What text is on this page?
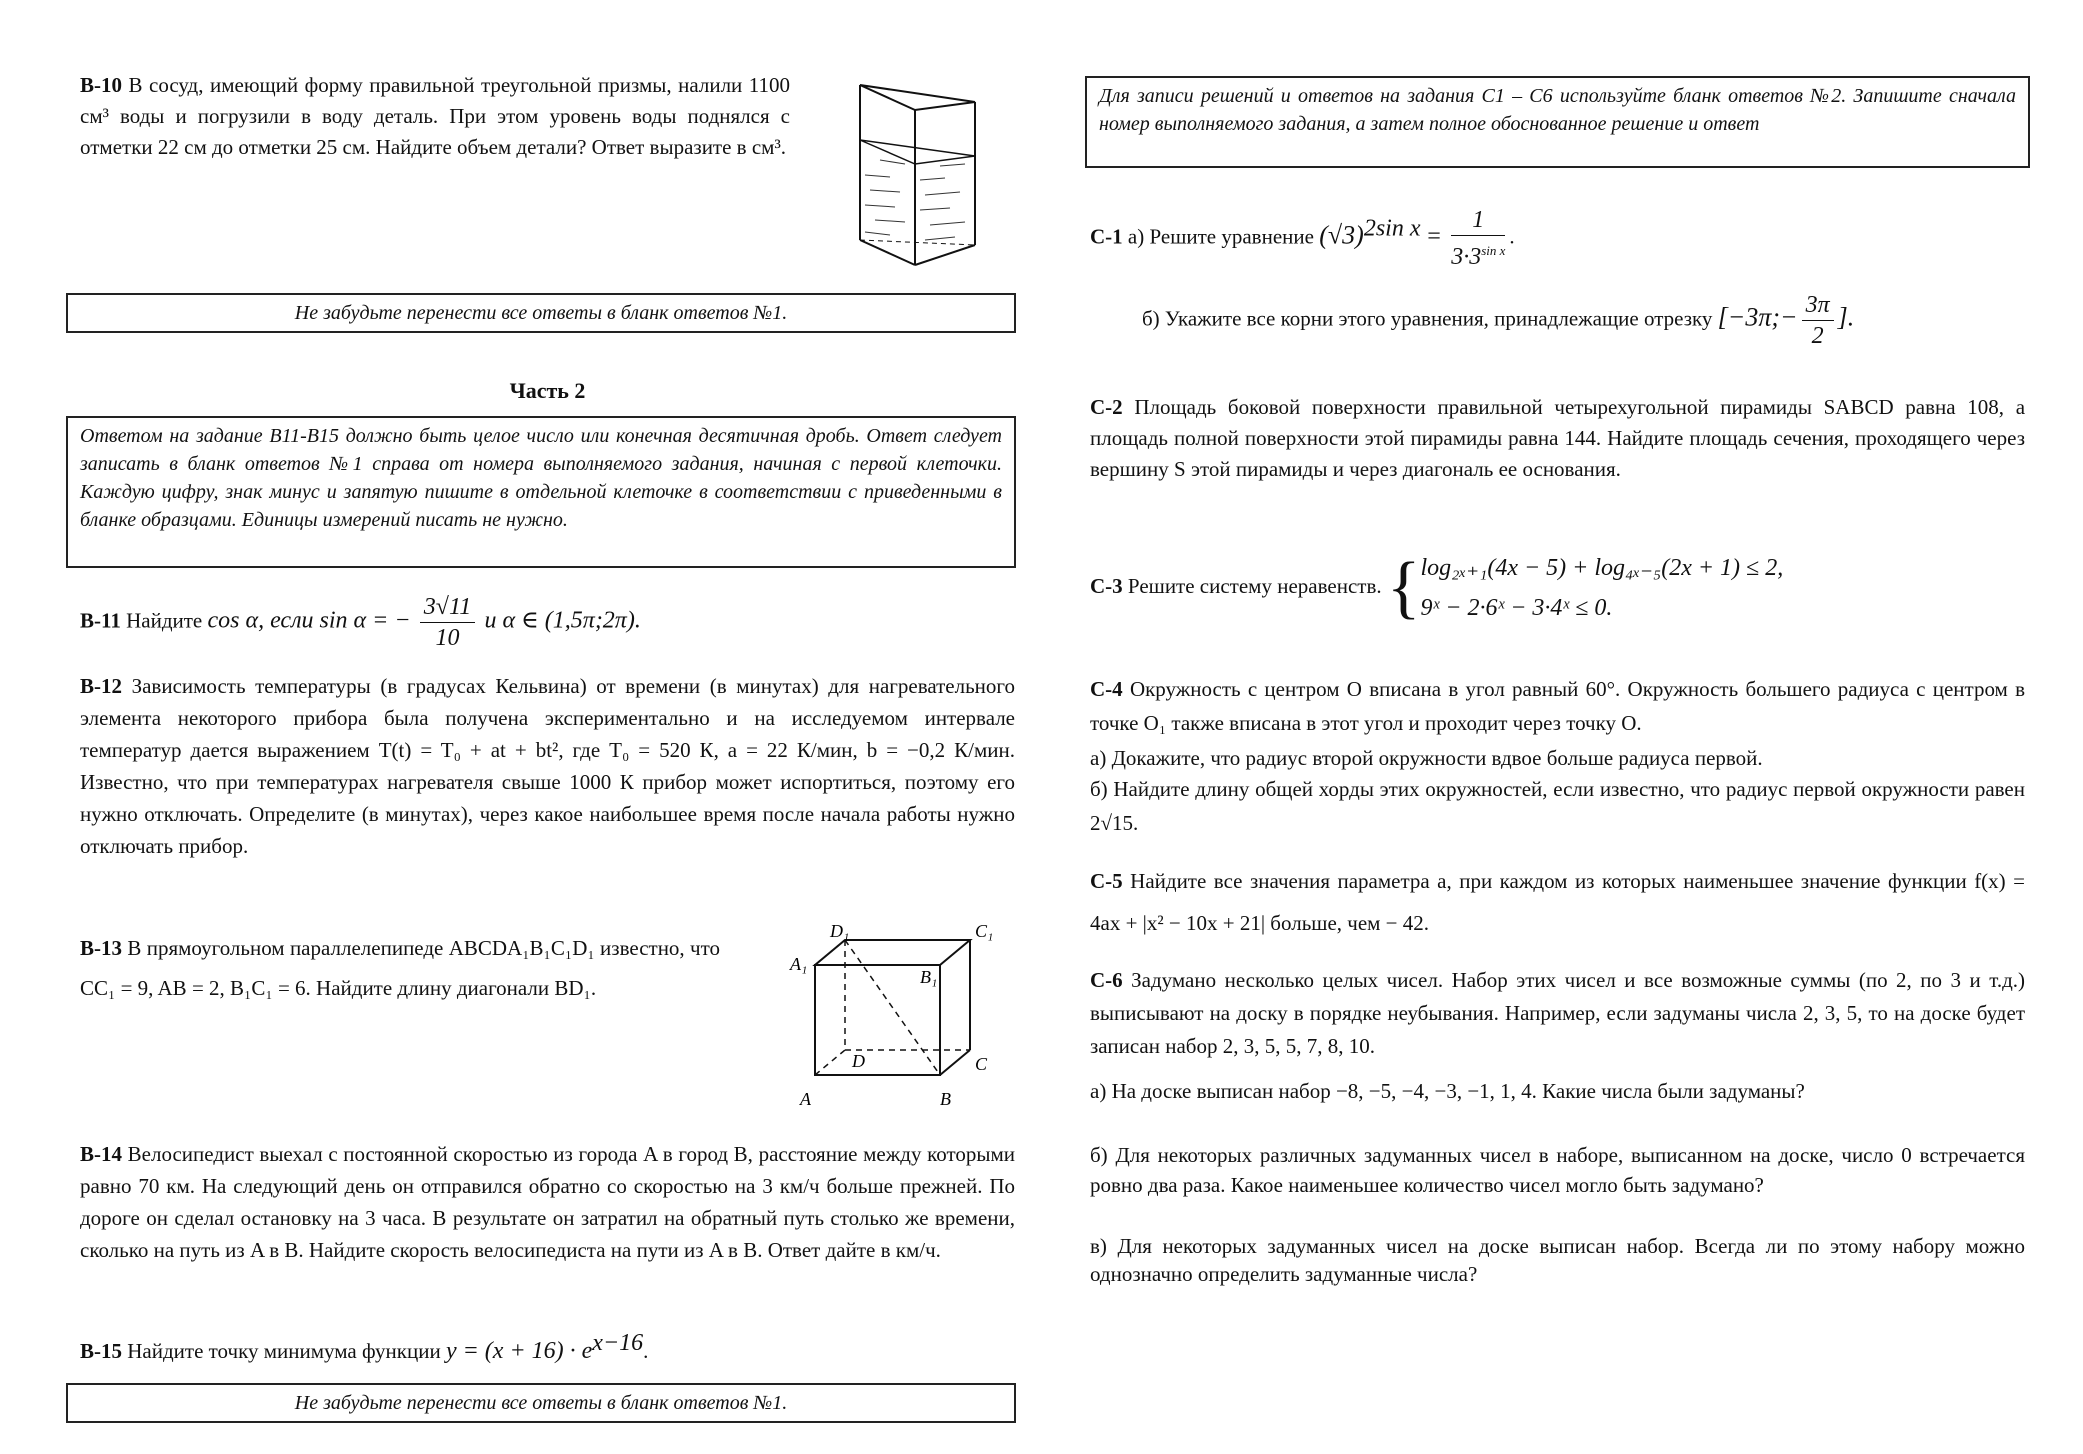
B-10 В сосуд, имеющий форму правильной треугольной призмы, налили 1100 см³ воды и погрузили в воду деталь. При этом уровень воды поднялся с отметки 22 см до отметки 25 см. Найдите объем детали? Ответ выразите в см³.
Не забудьте перенести все ответы в бланк ответов №1.
Часть 2
Ответом на задание B11-B15 должно быть целое число или конечная десятичная дробь. Ответ следует записать в бланк ответов №1 справа от номера выполняемого задания, начиная с первой клеточки. Каждую цифру, знак минус и запятую пишите в отдельной клеточке в соответствии с приведенными в бланке образцами. Единицы измерений писать не нужно.
B-11 Найдите cos α, если sin α = − $\frac{3√11}{10}$ и α ∈ (1,5π;2π).
B-12 Зависимость температуры (в градусах Кельвина) от времени (в минутах) для нагревательного элемента некоторого прибора была получена экспериментально и на исследуемом интервале температур дается выражением T(t) = T₀ + at + bt², где T₀ = 520 К, a = 22 К/мин, b = −0,2 К/мин. Известно, что при температурах нагревателя свыше 1000 К прибор может испортиться, поэтому его нужно отключать. Определите (в минутах), через какое наибольшее время после начала работы нужно отключать прибор.
B-13 В прямоугольном параллелепипеде ABCDA₁B₁C₁D₁ известно, что CC₁ = 9, AB = 2, B₁C₁ = 6. Найдите длину диагонали BD₁.
D₁	C₁
A₁
B₁
D	C
A	B
B-14 Велосипедист выехал с постоянной скоростью из города A в город B, расстояние между которыми равно 70 км. На следующий день он отправился обратно со скоростью на 3 км/ч больше прежней. По дороге он сделал остановку на 3 часа. В результате он затратил на обратный путь столько же времени, сколько на путь из A в B. Найдите скорость велосипедиста на пути из A в B. Ответ дайте в км/ч.
B-15 Найдите точку минимума функции $y = (x + 16) \cdot e^{x-16}$.
Не забудьте перенести все ответы в бланк ответов №1.
Для записи решений и ответов на задания С1 – С6 используйте бланк ответов №2. Запишите сначала номер выполняемого задания, а затем полное обоснованное решение и ответ
С-1 а) Решите уравнение $(√3)^{2sin x} = \frac{1}{3\cdot 3^{sin x}}$ .
б) Укажите все корни этого уравнения, принадлежащие отрезку [−3π;− $\frac{3\pi}{2}$ ].
С-2 Площадь боковой поверхности правильной четырехугольной пирамиды SABCD равна 108, а площадь полной поверхности этой пирамиды равна 144. Найдите площадь сечения, проходящего через вершину S этой пирамиды и через диагональ ее основания.
С-3 Решите систему неравенств. { log₂ₓ₊₁(4x − 5) + log₄ₓ₋₅(2x + 1) ≤ 2,
9ˣ − 2·6ˣ − 3·4ˣ ≤ 0.
С-4 Окружность с центром O вписана в угол равный 60°. Окружность большего радиуса с центром в точке O₁ также вписана в этот угол и проходит через точку O.
а) Докажите, что радиус второй окружности вдвое больше радиуса первой.
б) Найдите длину общей хорды этих окружностей, если известно, что радиус первой окружности равен 2√15.
С-5 Найдите все значения параметра a, при каждом из которых наименьшее значение функции f(x) = 4ax + |x² − 10x + 21| больше, чем − 42.
С-6 Задумано несколько целых чисел. Набор этих чисел и все возможные суммы (по 2, по 3 и т.д.) выписывают на доску в порядке неубывания. Например, если задуманы числа 2, 3, 5, то на доске будет записан набор 2, 3, 5, 5, 7, 8, 10.
а) На доске выписан набор −8, −5, −4, −3, −1, 1, 4. Какие числа были задуманы?
б) Для некоторых различных задуманных чисел в наборе, выписанном на доске, число 0 встречается ровно два раза. Какое наименьшее количество чисел могло быть задумано?
в) Для некоторых задуманных чисел на доске выписан набор. Всегда ли по этому набору можно однозначно определить задуманные числа?
